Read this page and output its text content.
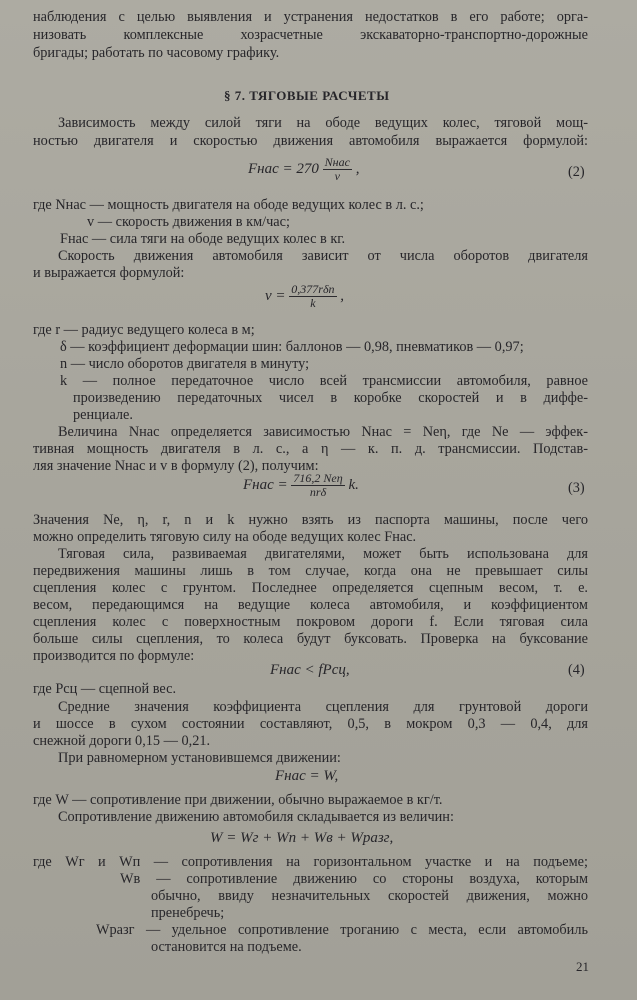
наблюдения с целью выявления и устранения недостатков в его работе; орга-

низовать комплексные хозрасчетные экскаваторно-транспортно-дорожные

бригады; работать по часовому графику.

§ 7. ТЯГОВЫЕ РАСЧЕТЫ

Зависимость между силой тяги на ободе ведущих колес, тяговой мощ-

ностью двигателя и скоростью движения автомобиля выражается формулой:

Fнас = $270 \frac{\text{Nнас}}{v}$ ,	(2)

где Nнас — мощность двигателя на ободе ведущих колес в л. с.;

v — скорость движения в км/час;

Fнас — сила тяги на ободе ведущих колес в кг.

Скорость движения автомобиля зависит от числа оборотов двигателя

и выражается формулой:

$v = \frac{\text{0,377rδn}}{k}$ ,

где r — радиус ведущего колеса в м;

δ — коэффициент деформации шин: баллонов — 0,98, пневматиков — 0,97;

n — число оборотов двигателя в минуту;

k — полное передаточное число всей трансмиссии автомобиля, равное

произведению передаточных чисел в коробке скоростей и в диффе-

ренциале.

Величина Nнас определяется зависимостью Nнас = Neη, где Ne — эффек-

тивная мощность двигателя в л. с., а η — к. п. д. трансмиссии. Подстав-

ляя значение Nнас и v в формулу (2), получим:

Fнас = $\frac{\text{716,2 Neη}}{\text{nrδ}} k$.	(3)

Значения Ne, η, r, n и k нужно взять из паспорта машины, после чего

можно определить тяговую силу на ободе ведущих колес Fнас.

Тяговая сила, развиваемая двигателями, может быть использована для

передвижения машины лишь в том случае, когда она не превышает силы

сцепления колес с грунтом. Последнее определяется сцепным весом, т. е.

весом, передающимся на ведущие колеса автомобиля, и коэффициентом

сцепления колес с поверхностным покровом дороги f. Если тяговая сила

больше силы сцепления, то колеса будут буксовать. Проверка на буксование

производится по формуле:

Fнас < fPсц,	(4)

где Pсц — сцепной вес.

Средние значения коэффициента сцепления для грунтовой дороги

и шоссе в сухом состоянии составляют, 0,5, в мокром 0,3 — 0,4, для

снежной дороги 0,15 — 0,21.

При равномерном установившемся движении:

Fнас = W,

где W — сопротивление при движении, обычно выражаемое в кг/т.

Сопротивление движению автомобиля складывается из величин:

W = Wг + Wп + Wв + Wразг,

где Wг и Wп — сопротивления на горизонтальном участке и на подъеме;

Wв — сопротивление движению со стороны воздуха, которым

обычно, ввиду незначительных скоростей движения, можно

пренебречь;

Wразг — удельное сопротивление троганию с места, если автомобиль

остановится на подъеме.

21
